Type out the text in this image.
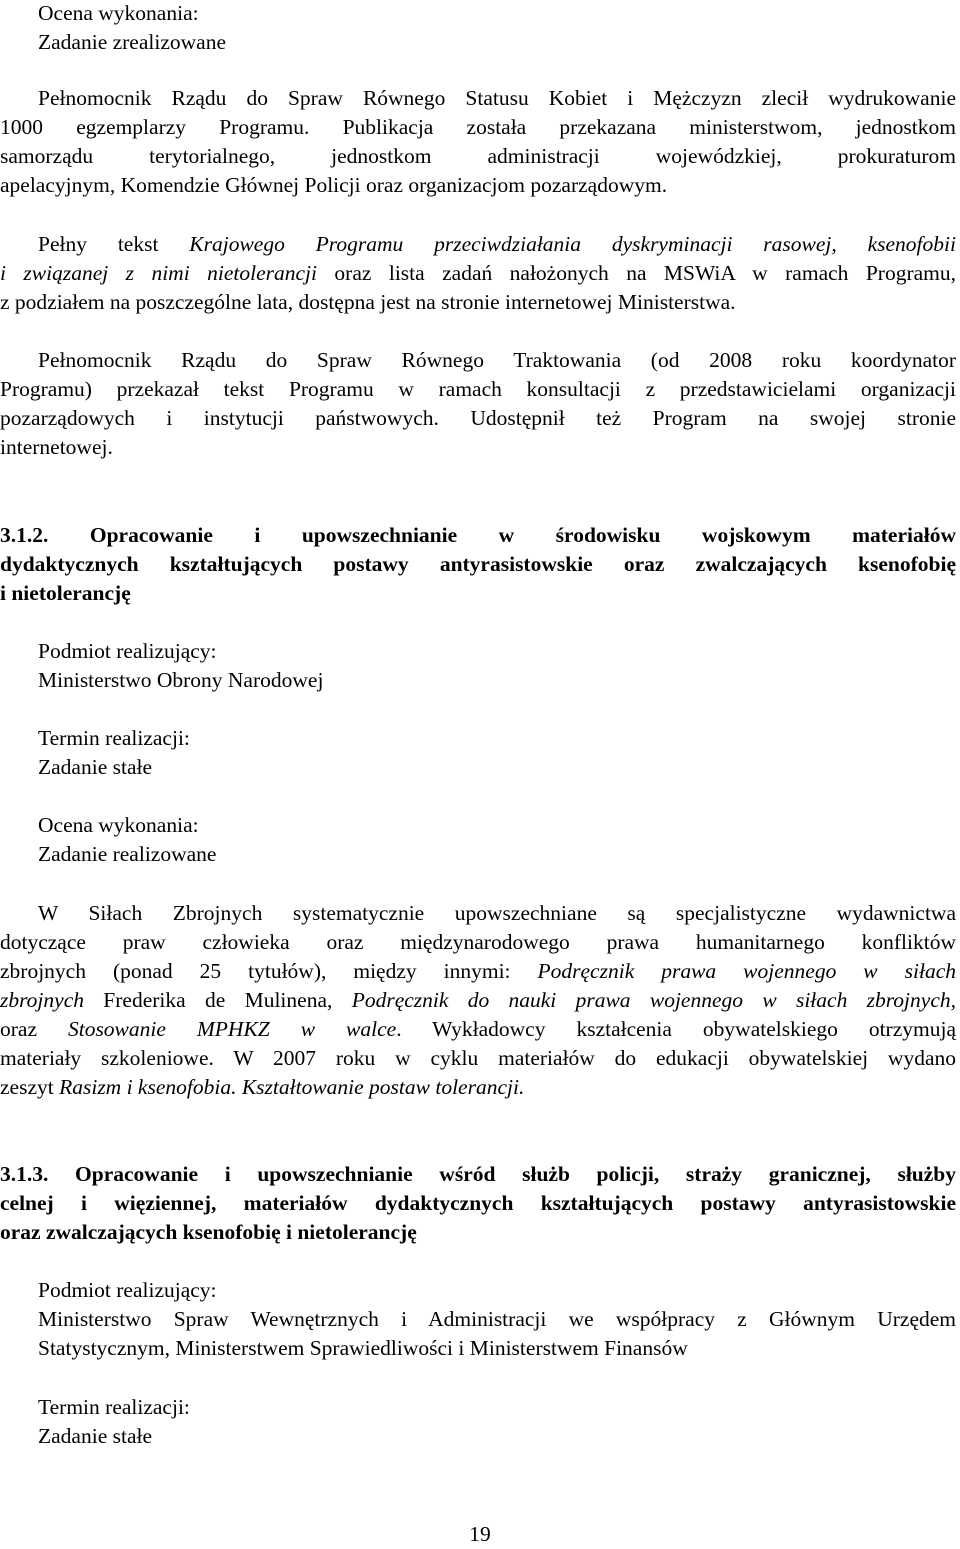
Ocena wykonania:
Zadanie zrealizowane
Pełnomocnik Rządu do Spraw Równego Statusu Kobiet i Mężczyzn zlecił wydrukowanie
1000 egzemplarzy Programu. Publikacja została przekazana ministerstwom, jednostkom
samorządu terytorialnego, jednostkom administracji wojewódzkiej, prokuraturom
apelacyjnym, Komendzie Głównej Policji oraz organizacjom pozarządowym.
Pełny tekst Krajowego Programu przeciwdziałania dyskryminacji rasowej, ksenofobii
i związanej z nimi nietolerancji oraz lista zadań nałożonych na MSWiA w ramach Programu,
z podziałem na poszczególne lata, dostępna jest na stronie internetowej Ministerstwa.
Pełnomocnik Rządu do Spraw Równego Traktowania (od 2008 roku koordynator
Programu) przekazał tekst Programu w ramach konsultacji z przedstawicielami organizacji
pozarządowych i instytucji państwowych. Udostępnił też Program na swojej stronie
internetowej.
3.1.2. Opracowanie i upowszechnianie w środowisku wojskowym materiałów
dydaktycznych kształtujących postawy antyrasistowskie oraz zwalczających ksenofobię
i nietolerancję
Podmiot realizujący:
Ministerstwo Obrony Narodowej
Termin realizacji:
Zadanie stałe
Ocena wykonania:
Zadanie realizowane
W Siłach Zbrojnych systematycznie upowszechniane są specjalistyczne wydawnictwa
dotyczące praw człowieka oraz międzynarodowego prawa humanitarnego konfliktów
zbrojnych (ponad 25 tytułów), między innymi: Podręcznik prawa wojennego w siłach
zbrojnych Frederika de Mulinena, Podręcznik do nauki prawa wojennego w siłach zbrojnych,
oraz Stosowanie MPHKZ w walce. Wykładowcy kształcenia obywatelskiego otrzymują
materiały szkoleniowe. W 2007 roku w cyklu materiałów do edukacji obywatelskiej wydano
zeszyt Rasizm i ksenofobia. Kształtowanie postaw tolerancji.
3.1.3. Opracowanie i upowszechnianie wśród służb policji, straży granicznej, służby
celnej i więziennej, materiałów dydaktycznych kształtujących postawy antyrasistowskie
oraz zwalczających ksenofobię i nietolerancję
Podmiot realizujący:
Ministerstwo Spraw Wewnętrznych i Administracji we współpracy z Głównym Urzędem
Statystycznym, Ministerstwem Sprawiedliwości i Ministerstwem Finansów
Termin realizacji:
Zadanie stałe
19
